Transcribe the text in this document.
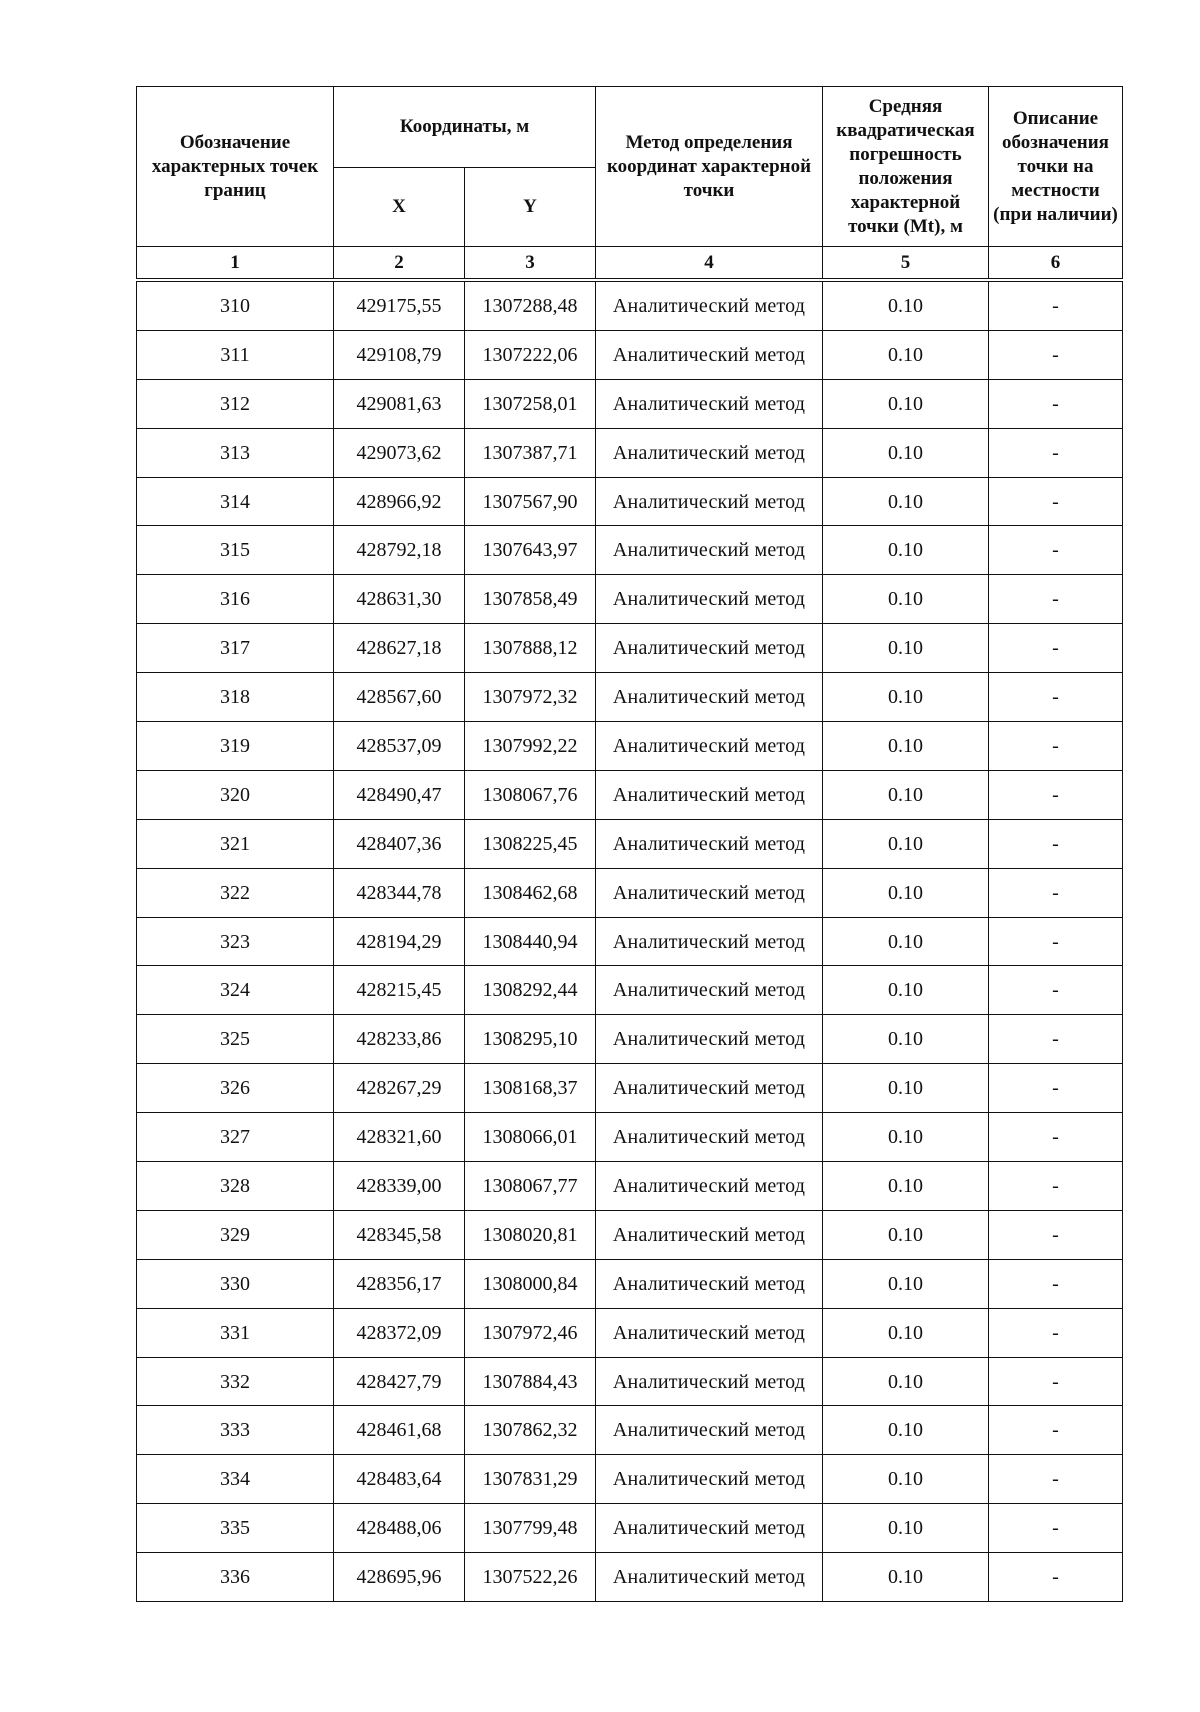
Обозначение характерных точек границ	Координаты, м		Метод определения координат характерной точки	Средняя квадратическая погрешность положения характерной точки (Mt), м	Описание обозначения точки на местности (при наличии)
	X	Y			
1	2	3	4	5	6

310	429175,55	1307288,48	Аналитический метод	0.10	-
311	429108,79	1307222,06	Аналитический метод	0.10	-
312	429081,63	1307258,01	Аналитический метод	0.10	-
313	429073,62	1307387,71	Аналитический метод	0.10	-
314	428966,92	1307567,90	Аналитический метод	0.10	-
315	428792,18	1307643,97	Аналитический метод	0.10	-
316	428631,30	1307858,49	Аналитический метод	0.10	-
317	428627,18	1307888,12	Аналитический метод	0.10	-
318	428567,60	1307972,32	Аналитический метод	0.10	-
319	428537,09	1307992,22	Аналитический метод	0.10	-
320	428490,47	1308067,76	Аналитический метод	0.10	-
321	428407,36	1308225,45	Аналитический метод	0.10	-
322	428344,78	1308462,68	Аналитический метод	0.10	-
323	428194,29	1308440,94	Аналитический метод	0.10	-
324	428215,45	1308292,44	Аналитический метод	0.10	-
325	428233,86	1308295,10	Аналитический метод	0.10	-
326	428267,29	1308168,37	Аналитический метод	0.10	-
327	428321,60	1308066,01	Аналитический метод	0.10	-
328	428339,00	1308067,77	Аналитический метод	0.10	-
329	428345,58	1308020,81	Аналитический метод	0.10	-
330	428356,17	1308000,84	Аналитический метод	0.10	-
331	428372,09	1307972,46	Аналитический метод	0.10	-
332	428427,79	1307884,43	Аналитический метод	0.10	-
333	428461,68	1307862,32	Аналитический метод	0.10	-
334	428483,64	1307831,29	Аналитический метод	0.10	-
335	428488,06	1307799,48	Аналитический метод	0.10	-
336	428695,96	1307522,26	Аналитический метод	0.10	-
